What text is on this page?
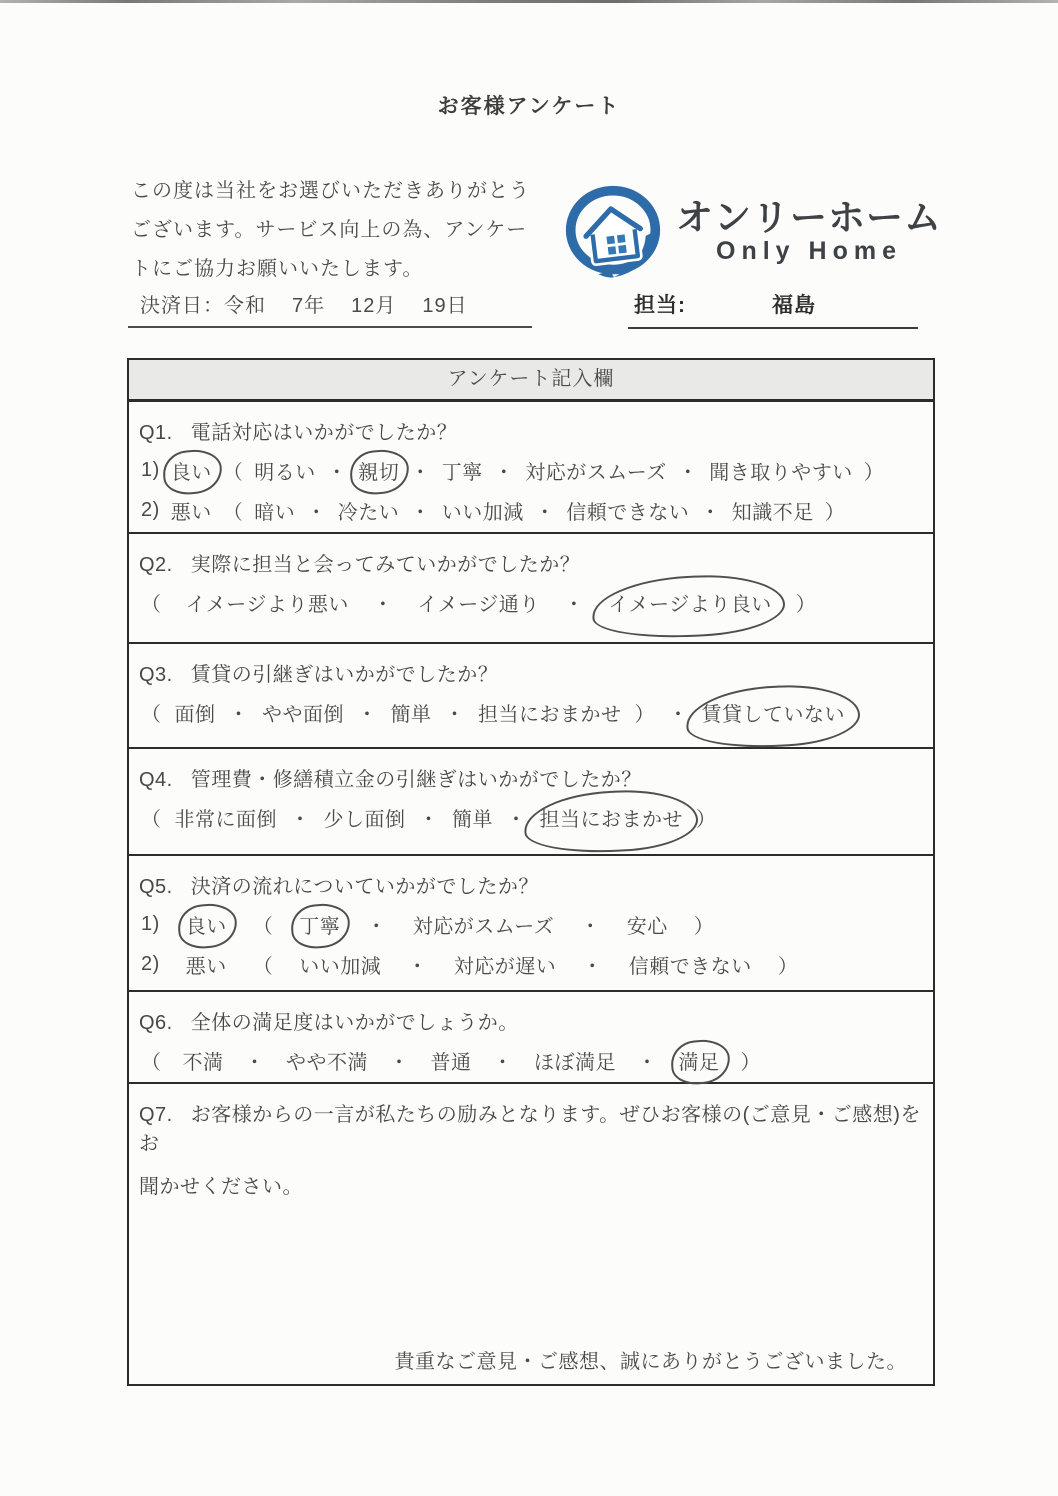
お客様アンケート
この度は当社をお選びいただきありがとう
ございます。サービス向上の為、アンケー
トにご協力お願いいたします。
オンリーホーム
Only Home
決済日：令和 7年 12月 19日	担当:	福島
アンケート記入欄
Q1. 電話対応はいかがでしたか？
1) 良い （ 明るい ・ 親切 ・ 丁寧 ・ 対応がスムーズ ・ 聞き取りやすい ）
2) 悪い （ 暗い ・ 冷たい ・ いい加減 ・ 信頼できない ・ 知識不足 ）
Q2. 実際に担当と会ってみていかがでしたか？
（ イメージより悪い ・ イメージ通り ・ イメージより良い ）
Q3. 賃貸の引継ぎはいかがでしたか？
（ 面倒 ・ やや面倒 ・ 簡単 ・ 担当におまかせ ） ・ 賃貸していない
Q4. 管理費・修繕積立金の引継ぎはいかがでしたか？
（ 非常に面倒 ・ 少し面倒 ・ 簡単 ・ 担当におまかせ ）
Q5. 決済の流れについていかがでしたか？
1) 良い （ 丁寧 ・ 対応がスムーズ ・ 安心 ）
2) 悪い （ いい加減 ・ 対応が遅い ・ 信頼できない ）
Q6. 全体の満足度はいかがでしょうか。
（ 不満 ・ やや不満 ・ 普通 ・ ほぼ満足 ・ 満足 ）
Q7. お客様からの一言が私たちの励みとなります。ぜひお客様の(ご意見・ご感想)をお
聞かせください。
貴重なご意見・ご感想、誠にありがとうございました。
